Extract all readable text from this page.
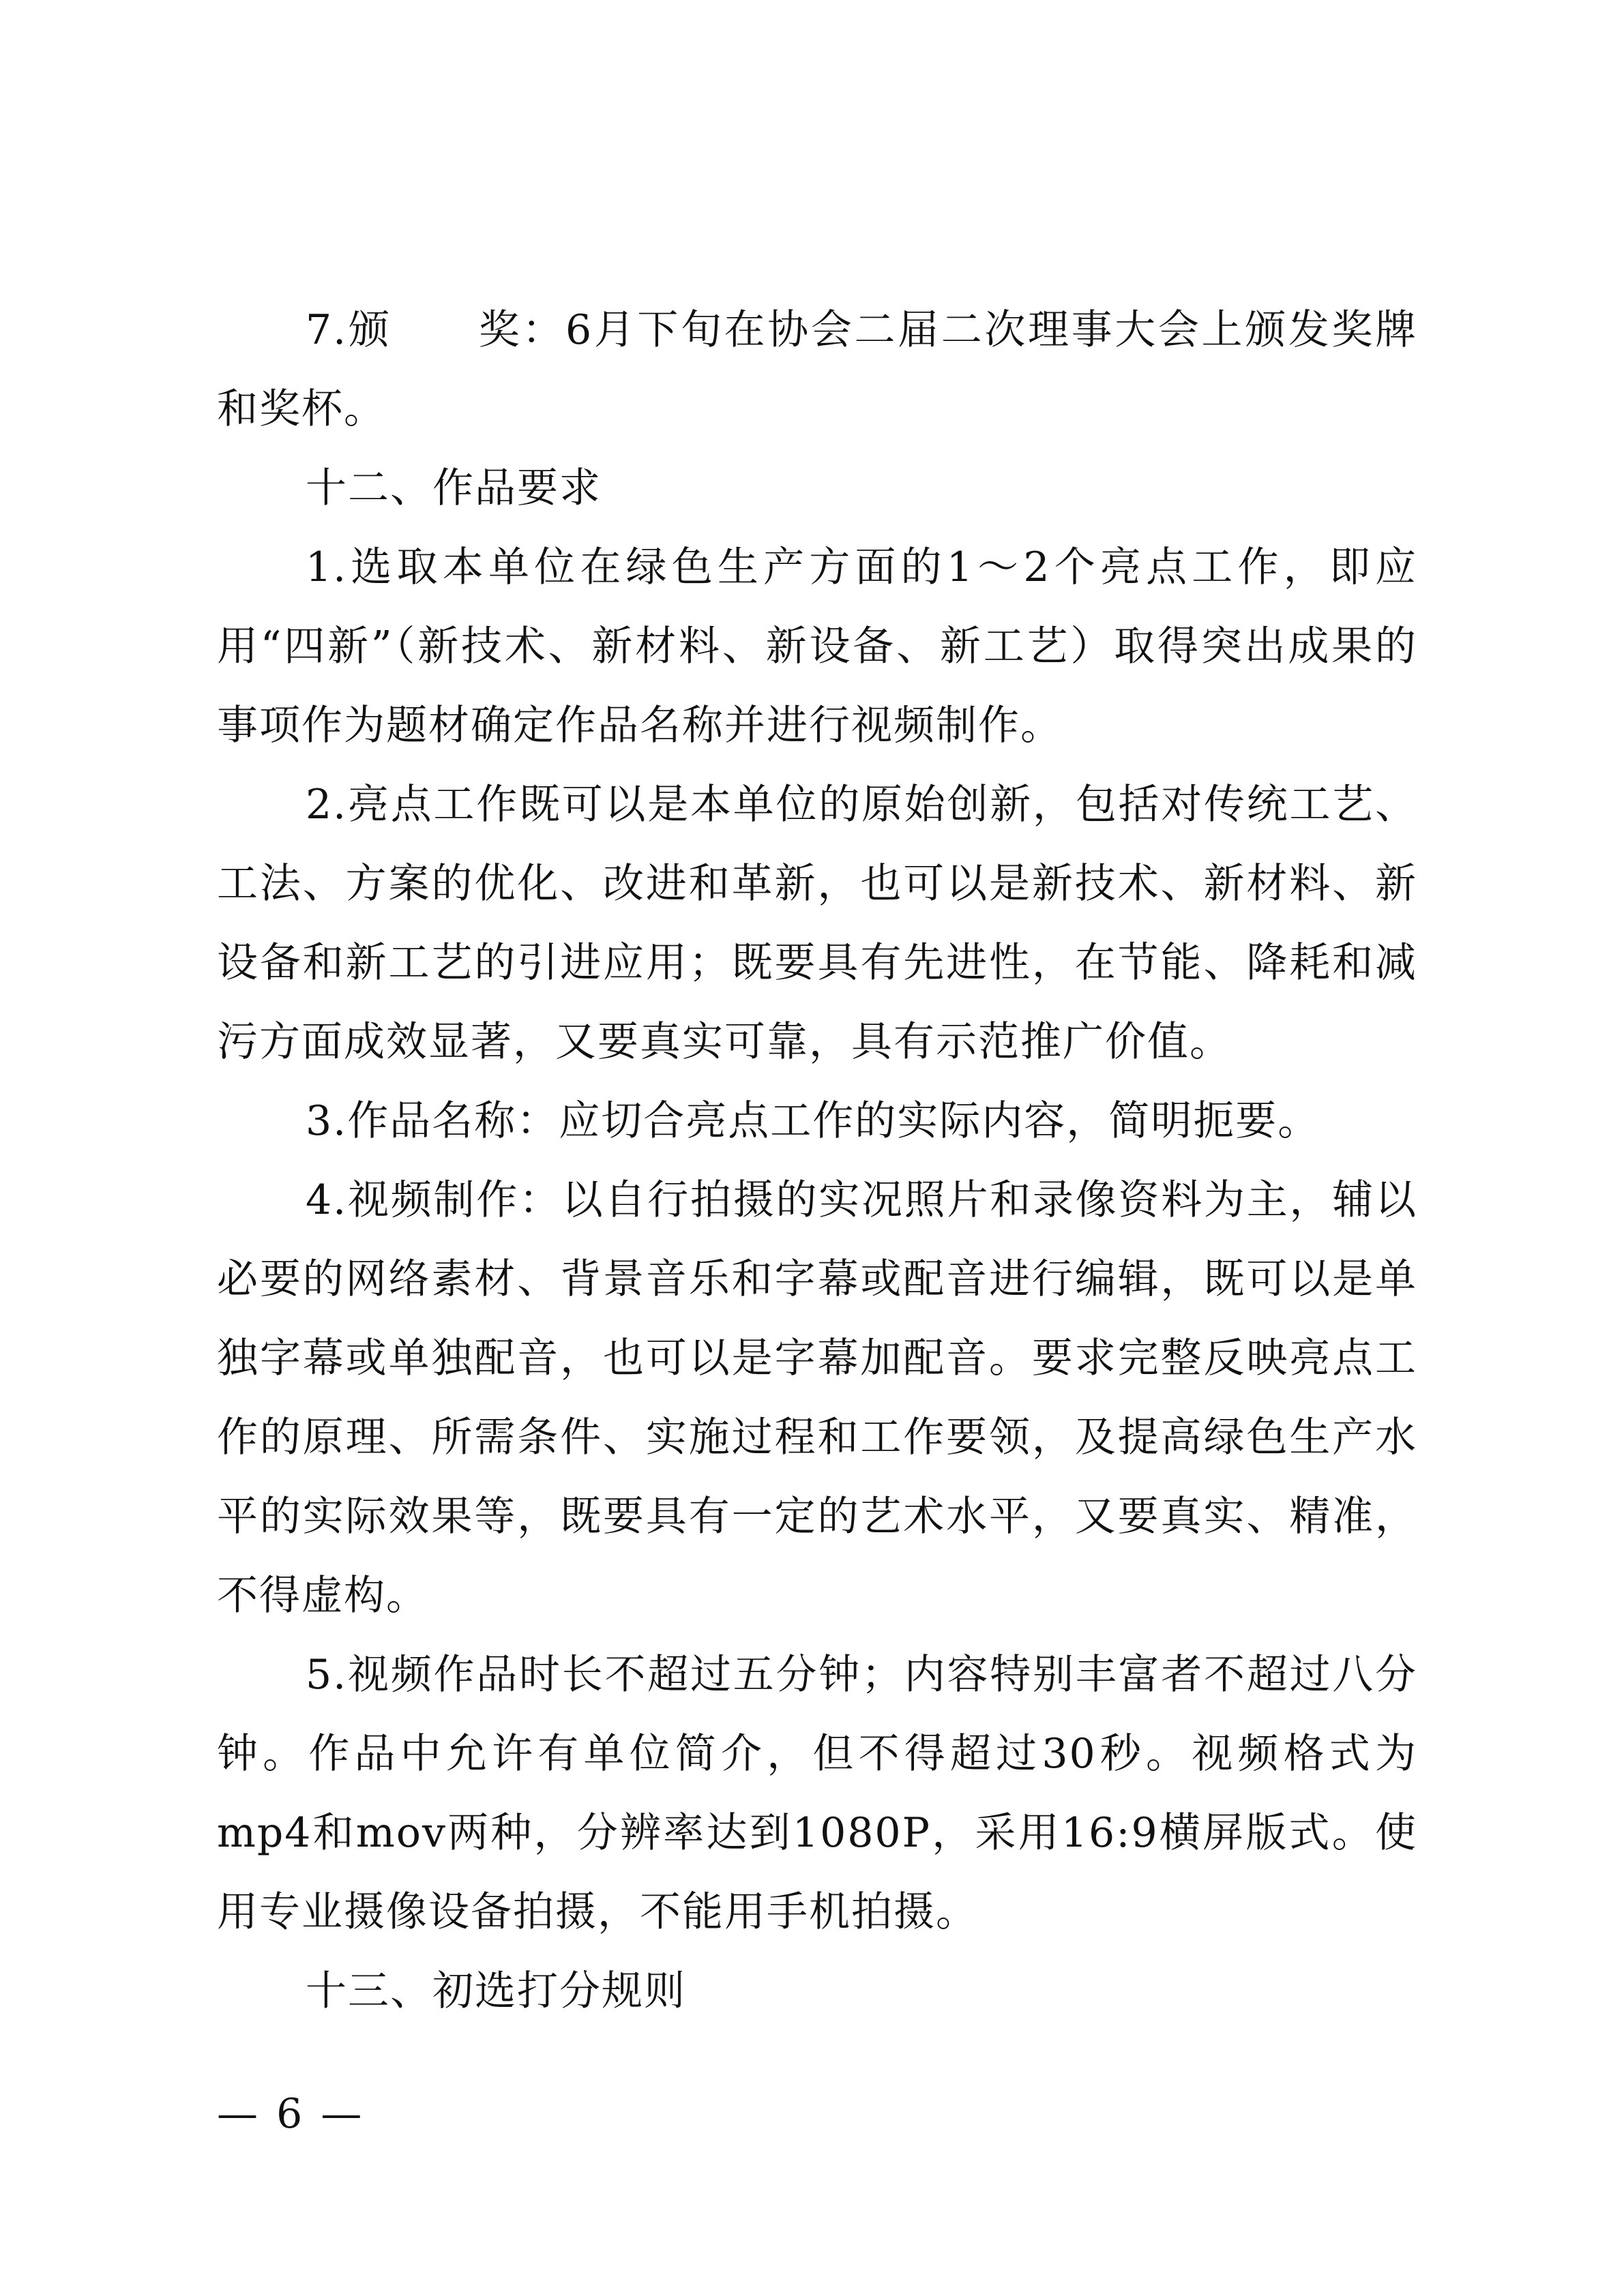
7.颁　　奖：6月下旬在协会二届二次理事大会上颁发奖牌和奖杯。

十二、作品要求

1.选取本单位在绿色生产方面的1～2个亮点工作，即应用“四新”（新技术、新材料、新设备、新工艺）取得突出成果的事项作为题材确定作品名称并进行视频制作。

2.亮点工作既可以是本单位的原始创新，包括对传统工艺、工法、方案的优化、改进和革新，也可以是新技术、新材料、新设备和新工艺的引进应用；既要具有先进性，在节能、降耗和减污方面成效显著，又要真实可靠，具有示范推广价值。

3.作品名称：应切合亮点工作的实际内容，简明扼要。

4.视频制作：以自行拍摄的实况照片和录像资料为主，辅以必要的网络素材、背景音乐和字幕或配音进行编辑，既可以是单独字幕或单独配音，也可以是字幕加配音。要求完整反映亮点工作的原理、所需条件、实施过程和工作要领，及提高绿色生产水平的实际效果等，既要具有一定的艺术水平，又要真实、精准，不得虚构。

5.视频作品时长不超过五分钟；内容特别丰富者不超过八分钟。作品中允许有单位简介，但不得超过30秒。视频格式为mp4和mov两种，分辨率达到1080P，采用16:9横屏版式。使用专业摄像设备拍摄，不能用手机拍摄。

十三、初选打分规则

— 6 —
